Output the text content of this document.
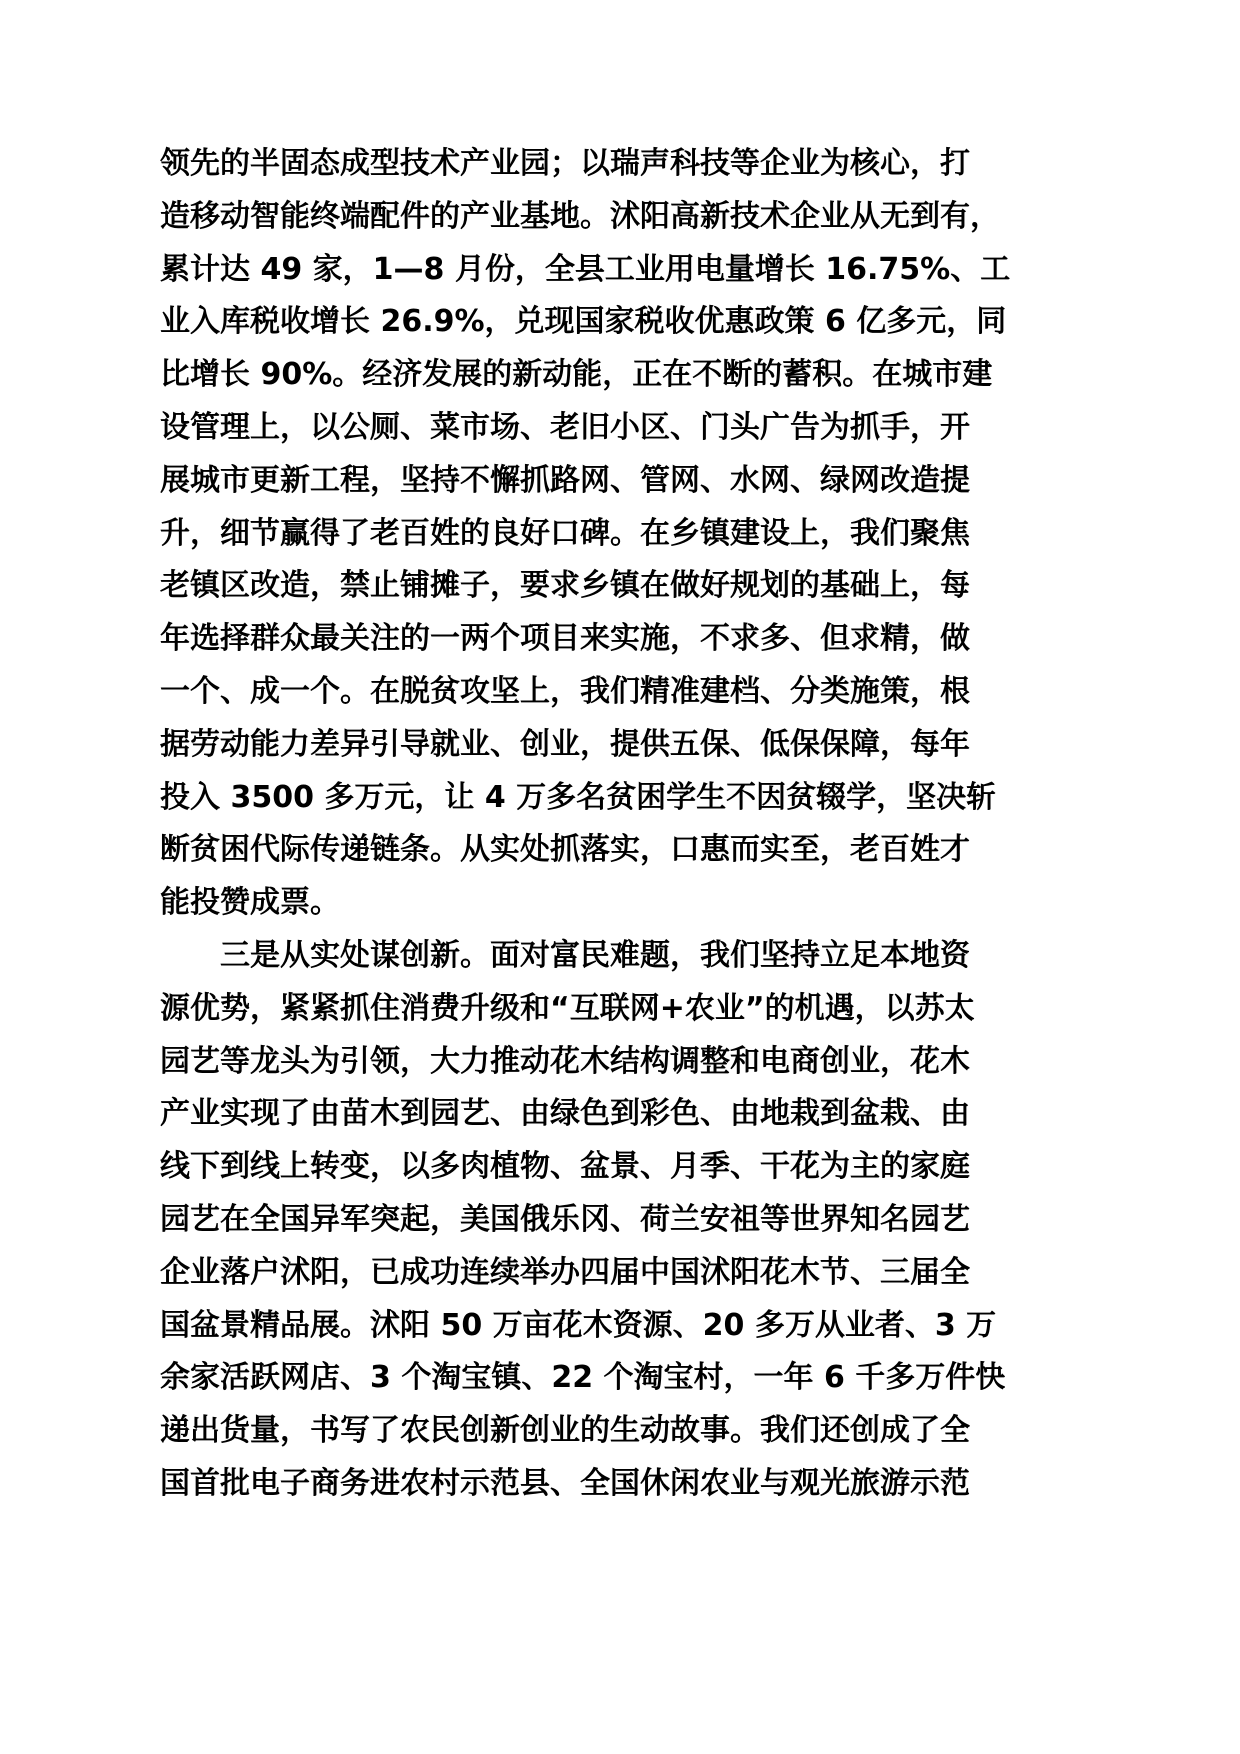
领先的半固态成型技术产业园；以瑞声科技等企业为核心，打
造移动智能终端配件的产业基地。沭阳高新技术企业从无到有，
累计达 49 家，1—8 月份，全县工业用电量增长 16.75%、工
业入库税收增长 26.9%，兑现国家税收优惠政策 6 亿多元，同
比增长 90%。经济发展的新动能，正在不断的蓄积。在城市建
设管理上，以公厕、菜市场、老旧小区、门头广告为抓手，开
展城市更新工程，坚持不懈抓路网、管网、水网、绿网改造提
升，细节赢得了老百姓的良好口碑。在乡镇建设上，我们聚焦
老镇区改造，禁止铺摊子，要求乡镇在做好规划的基础上，每
年选择群众最关注的一两个项目来实施，不求多、但求精，做
一个、成一个。在脱贫攻坚上，我们精准建档、分类施策，根
据劳动能力差异引导就业、创业，提供五保、低保保障，每年
投入 3500 多万元，让 4 万多名贫困学生不因贫辍学，坚决斩
断贫困代际传递链条。从实处抓落实，口惠而实至，老百姓才
能投赞成票。
三是从实处谋创新。面对富民难题，我们坚持立足本地资
源优势，紧紧抓住消费升级和“互联网+农业”的机遇，以苏太
园艺等龙头为引领，大力推动花木结构调整和电商创业，花木
产业实现了由苗木到园艺、由绿色到彩色、由地栽到盆栽、由
线下到线上转变，以多肉植物、盆景、月季、干花为主的家庭
园艺在全国异军突起，美国俄乐冈、荷兰安祖等世界知名园艺
企业落户沭阳，已成功连续举办四届中国沭阳花木节、三届全
国盆景精品展。沭阳 50 万亩花木资源、20 多万从业者、3 万
余家活跃网店、3 个淘宝镇、22 个淘宝村，一年 6 千多万件快
递出货量，书写了农民创新创业的生动故事。我们还创成了全
国首批电子商务进农村示范县、全国休闲农业与观光旅游示范
